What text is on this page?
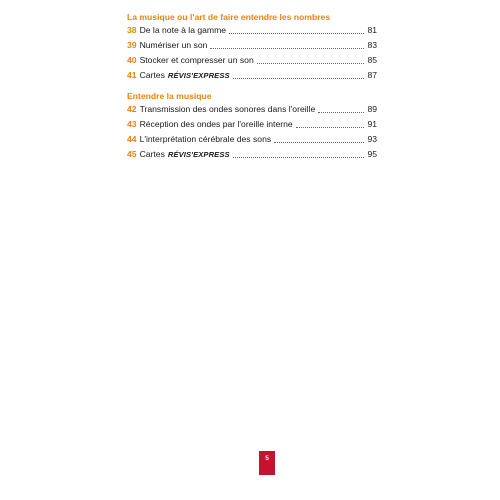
La musique ou l'art de faire entendre les nombres
38 De la note à la gamme	81
39 Numériser un son	83
40 Stocker et compresser un son	85
41 Cartes RÉVIS'EXPRESS	87
Entendre la musique
42 Transmission des ondes sonores dans l'oreille	89
43 Réception des ondes par l'oreille interne	91
44 L'interprétation cérébrale des sons	93
45 Cartes RÉVIS'EXPRESS	95
5
